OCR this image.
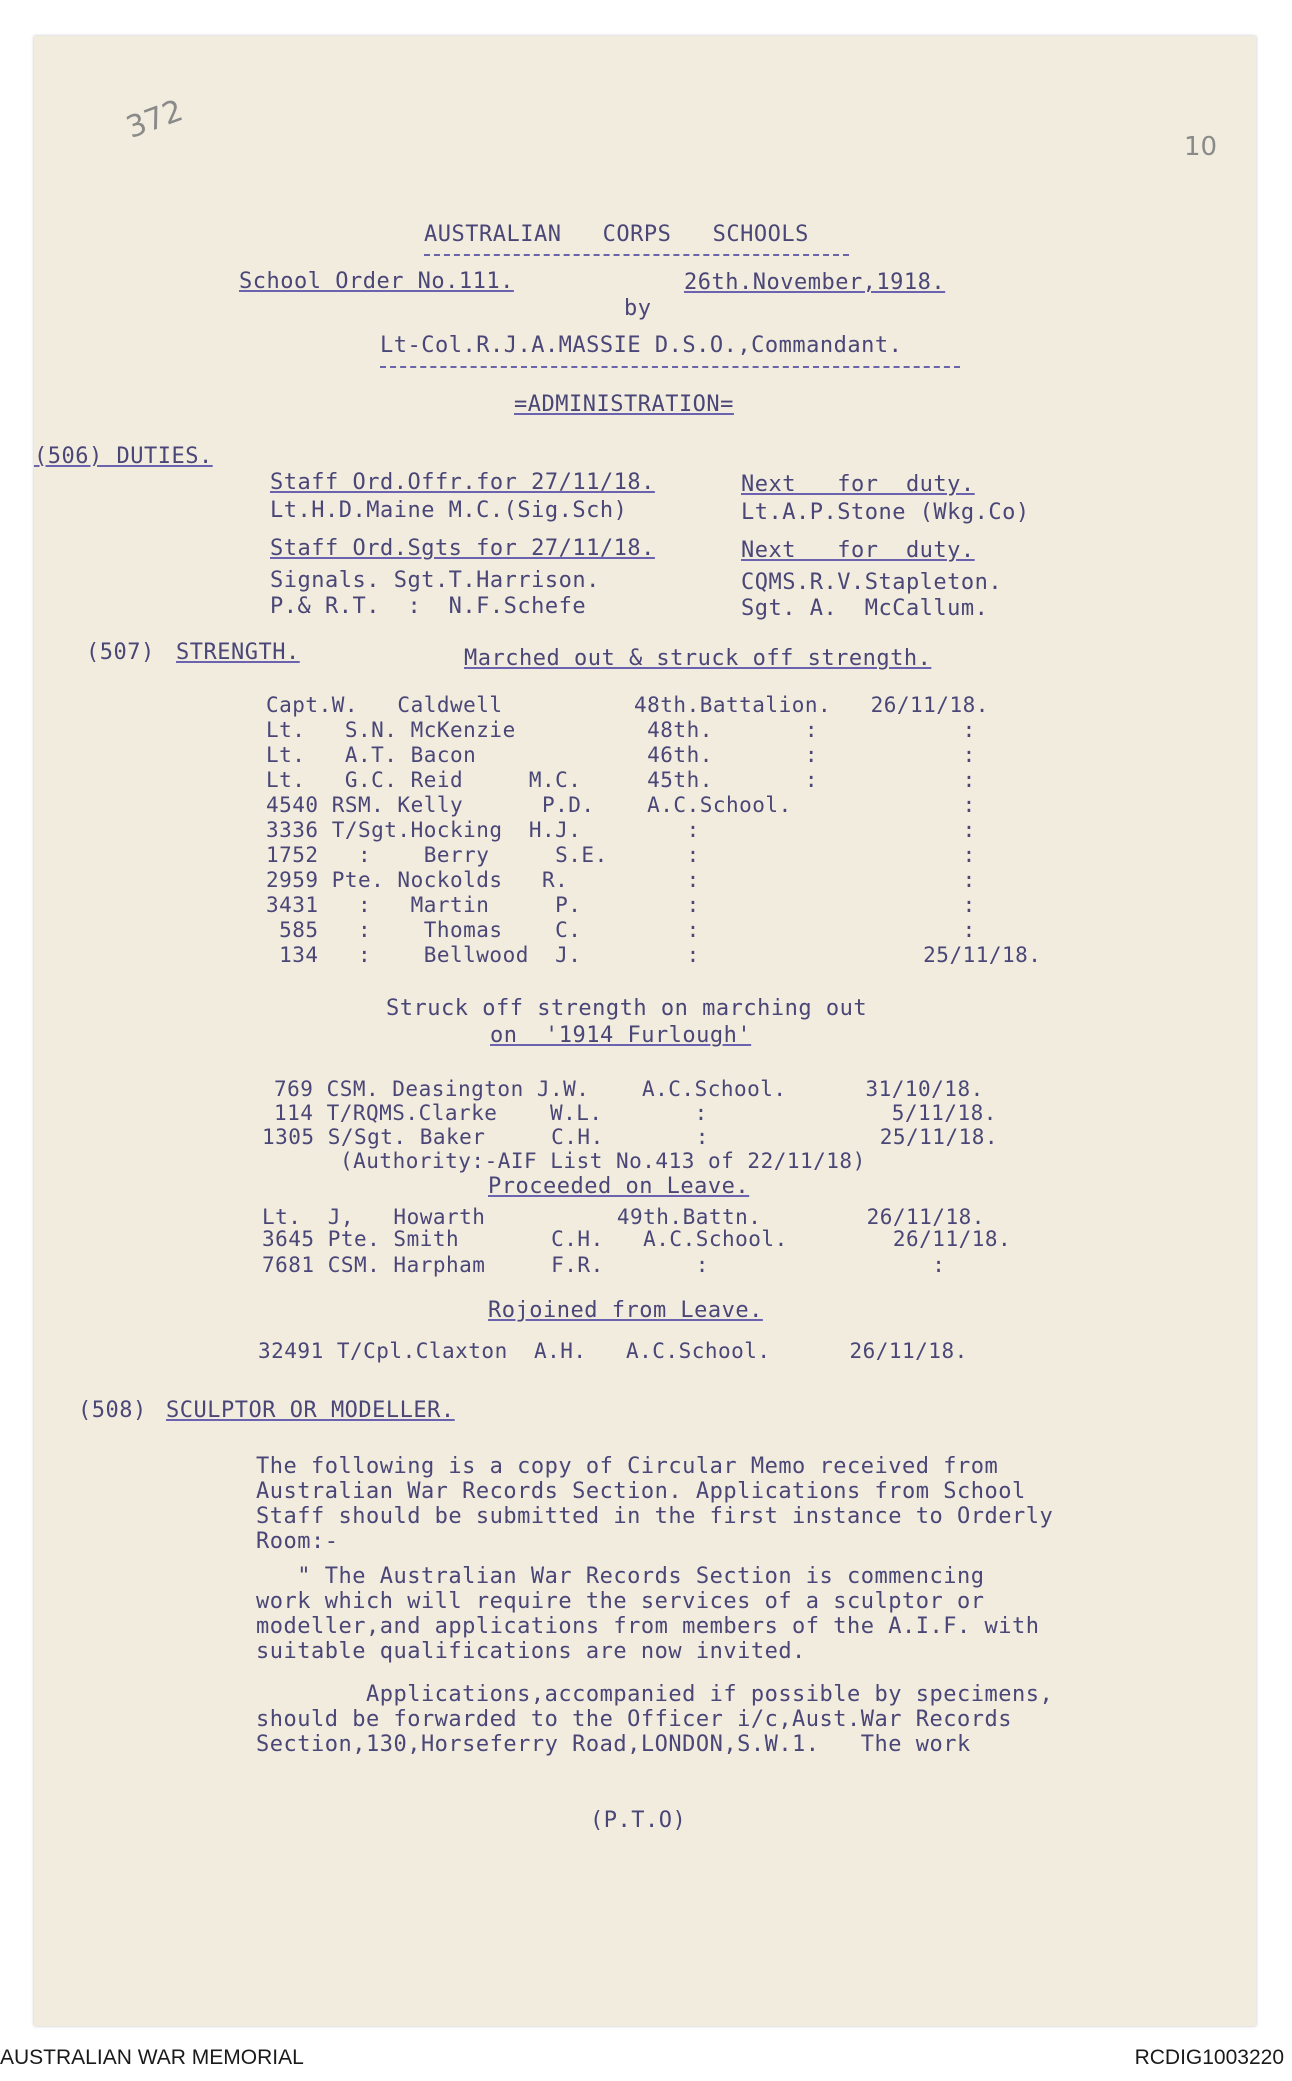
372
10
AUSTRALIAN   CORPS   SCHOOLS
School Order No.111.	26th.November,1918.
by
Lt-Col.R.J.A.MASSIE D.S.O.,Commandant.
=ADMINISTRATION=
(506) DUTIES.
Staff Ord.Offr.for 27/11/18.	Next   for  duty.
Lt.H.D.Maine M.C.(Sig.Sch)	Lt.A.P.Stone (Wkg.Co)
Staff Ord.Sgts for 27/11/18.	Next   for  duty.
Signals. Sgt.T.Harrison.	CQMS.R.V.Stapleton.
P.& R.T.  :  N.F.Schefe	Sgt. A.  McCallum.
(507) STRENGTH.	Marched out & struck off strength.
Capt.W.   Caldwell          48th.Battalion.   26/11/18.
Lt.   S.N. McKenzie          48th.       :           :
Lt.   A.T. Bacon             46th.       :           :
Lt.   G.C. Reid     M.C.     45th.       :           :
4540 RSM. Kelly      P.D.    A.C.School.             :
3336 T/Sgt.Hocking  H.J.        :                    :
1752   :    Berry     S.E.      :                    :
2959 Pte. Nockolds   R.         :                    :
3431   :   Martin     P.        :                    :
585   :    Thomas    C.        :                    :
134   :    Bellwood  J.        :                 25/11/18.
Struck off strength on marching out
on  '1914 Furlough'
769 CSM. Deasington J.W.    A.C.School.      31/10/18.
114 T/RQMS.Clarke    W.L.       :              5/11/18.
1305 S/Sgt. Baker     C.H.       :             25/11/18.
(Authority:-AIF List No.413 of 22/11/18)
Proceeded on Leave.
Lt.  J,   Howarth          49th.Battn.        26/11/18.
3645 Pte. Smith       C.H.   A.C.School.        26/11/18.
7681 CSM. Harpham     F.R.       :                 :
Rojoined from Leave.
32491 T/Cpl.Claxton  A.H.   A.C.School.      26/11/18.
(508) SCULPTOR OR MODELLER.
The following is a copy of Circular Memo received from
Australian War Records Section. Applications from School
Staff should be submitted in the first instance to Orderly
Room:-
" The Australian War Records Section is commencing
work which will require the services of a sculptor or
modeller,and applications from members of the A.I.F. with
suitable qualifications are now invited.
Applications,accompanied if possible by specimens,
should be forwarded to the Officer i/c,Aust.War Records
Section,130,Horseferry Road,LONDON,S.W.1.   The work
(P.T.O)
AUSTRALIAN WAR MEMORIAL	RCDIG1003220
